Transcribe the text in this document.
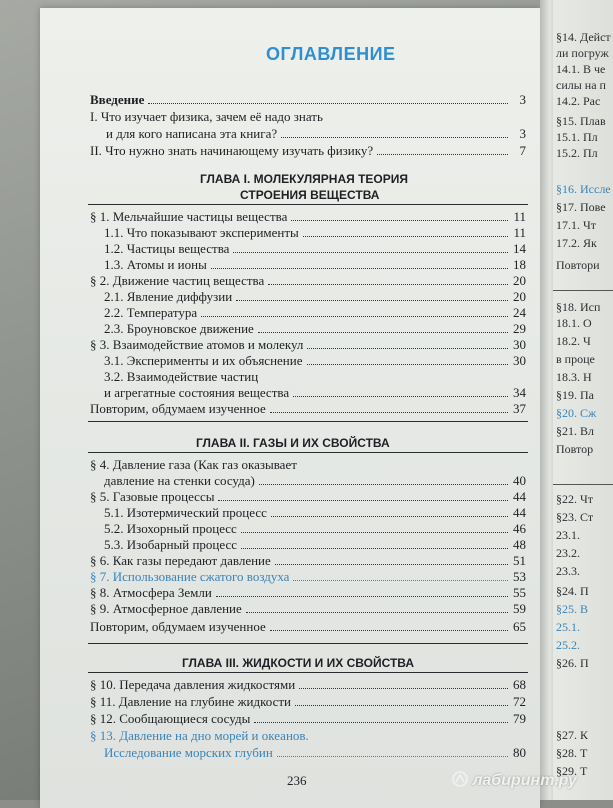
§14. Дейст
ли погруж
14.1. В че
силы на п
14.2. Рас
§15. Плав
15.1. Пл
15.2. Пл
§16. Иссле
§17. Пове
17.1. Чт
17.2. Як
Повтори
§18. Исп
18.1. О
18.2. Ч
в проце
18.3. Н
§19. Па
§20. Сж
§21. Вл
Повтор
§22. Чт
§23. Ст
23.1.
23.2.
23.3.
§24. П
§25. В
25.1.
25.2.
§26. П
§27. К
§28. Т
§29. Т
ОГЛАВЛЕНИЕ
Введение	3
I. Что изучает физика, зачем её надо знать
и для кого написана эта книга?	3
II. Что нужно знать начинающему изучать физику?	7
ГЛАВА I. МОЛЕКУЛЯРНАЯ ТЕОРИЯ
СТРОЕНИЯ ВЕЩЕСТВА
§ 1. Мельчайшие частицы вещества	11
1.1. Что показывают эксперименты	11
1.2. Частицы вещества	14
1.3. Атомы и ионы	18
§ 2. Движение частиц вещества	20
2.1. Явление диффузии	20
2.2. Температура	24
2.3. Броуновское движение	29
§ 3. Взаимодействие атомов и молекул	30
3.1. Эксперименты и их объяснение	30
3.2. Взаимодействие частиц
и агрегатные состояния вещества	34
Повторим, обдумаем изученное	37
ГЛАВА II. ГАЗЫ И ИХ СВОЙСТВА
§ 4. Давление газа (Как газ оказывает
давление на стенки сосуда)	40
§ 5. Газовые процессы	44
5.1. Изотермический процесс	44
5.2. Изохорный процесс	46
5.3. Изобарный процесс	48
§ 6. Как газы передают давление	51
§ 7. Использование сжатого воздуха	53
§ 8. Атмосфера Земли	55
§ 9. Атмосферное давление	59
Повторим, обдумаем изученное	65
ГЛАВА III. ЖИДКОСТИ И ИХ СВОЙСТВА
§ 10. Передача давления жидкостями	68
§ 11. Давление на глубине жидкости	72
§ 12. Сообщающиеся сосуды	79
§ 13. Давление на дно морей и океанов.
Исследование морских глубин	80
236	лабиринт.ру
